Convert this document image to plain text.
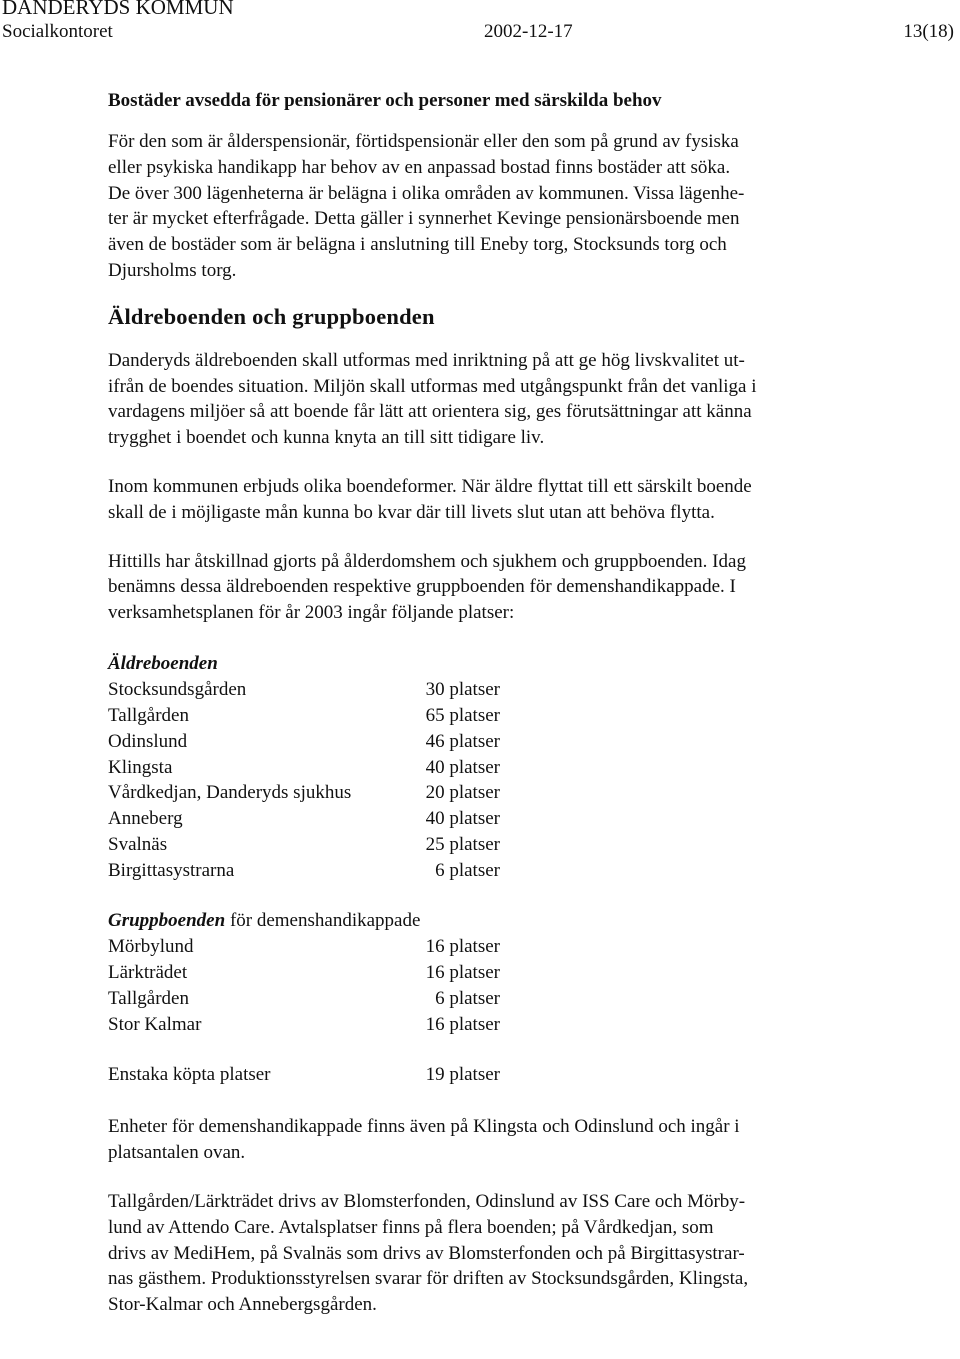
DANDERYDS KOMMUN
Socialkontoret	2002-12-17	13(18)
Bostäder avsedda för pensionärer och personer med särskilda behov
För den som är ålderspensionär, förtidspensionär eller den som på grund av fysiska
eller psykiska handikapp har behov av en anpassad bostad finns bostäder att söka.
De över 300 lägenheterna är belägna i olika områden av kommunen. Vissa lägenhe-
ter är mycket efterfrågade. Detta gäller i synnerhet Kevinge pensionärsboende men
även de bostäder som är belägna i anslutning till Eneby torg, Stocksunds torg och
Djursholms torg.
Äldreboenden och gruppboenden
Danderyds äldreboenden skall utformas med inriktning på att ge hög livskvalitet ut-
ifrån de boendes situation. Miljön skall utformas med utgångspunkt från det vanliga i
vardagens miljöer så att boende får lätt att orientera sig, ges förutsättningar att känna
trygghet i boendet och kunna knyta an till sitt tidigare liv.
Inom kommunen erbjuds olika boendeformer. När äldre flyttat till ett särskilt boende
skall de i möjligaste mån kunna bo kvar där till livets slut utan att behöva flytta.
Hittills har åtskillnad gjorts på ålderdomshem och sjukhem och gruppboenden. Idag
benämns dessa äldreboenden respektive gruppboenden för demenshandikappade. I
verksamhetsplanen för år 2003 ingår följande platser:
Äldreboenden
Stocksundsgården	30 platser
Tallgården	65 platser
Odinslund	46 platser
Klingsta	40 platser
Vårdkedjan, Danderyds sjukhus	20 platser
Anneberg	40 platser
Svalnäs	25 platser
Birgittasystrarna	6 platser
Gruppboenden för demenshandikappade
Mörbylund	16 platser
Lärkträdet	16 platser
Tallgården	6 platser
Stor Kalmar	16 platser
Enstaka köpta platser	19 platser
Enheter för demenshandikappade finns även på Klingsta och Odinslund och ingår i
platsantalen ovan.
Tallgården/Lärkträdet drivs av Blomsterfonden, Odinslund av ISS Care och Mörby-
lund av Attendo Care. Avtalsplatser finns på flera boenden; på Vårdkedjan, som
drivs av MediHem, på Svalnäs som drivs av Blomsterfonden och på Birgittasystrar-
nas gästhem. Produktionsstyrelsen svarar för driften av Stocksundsgården, Klingsta,
Stor-Kalmar och Annebergsgården.
